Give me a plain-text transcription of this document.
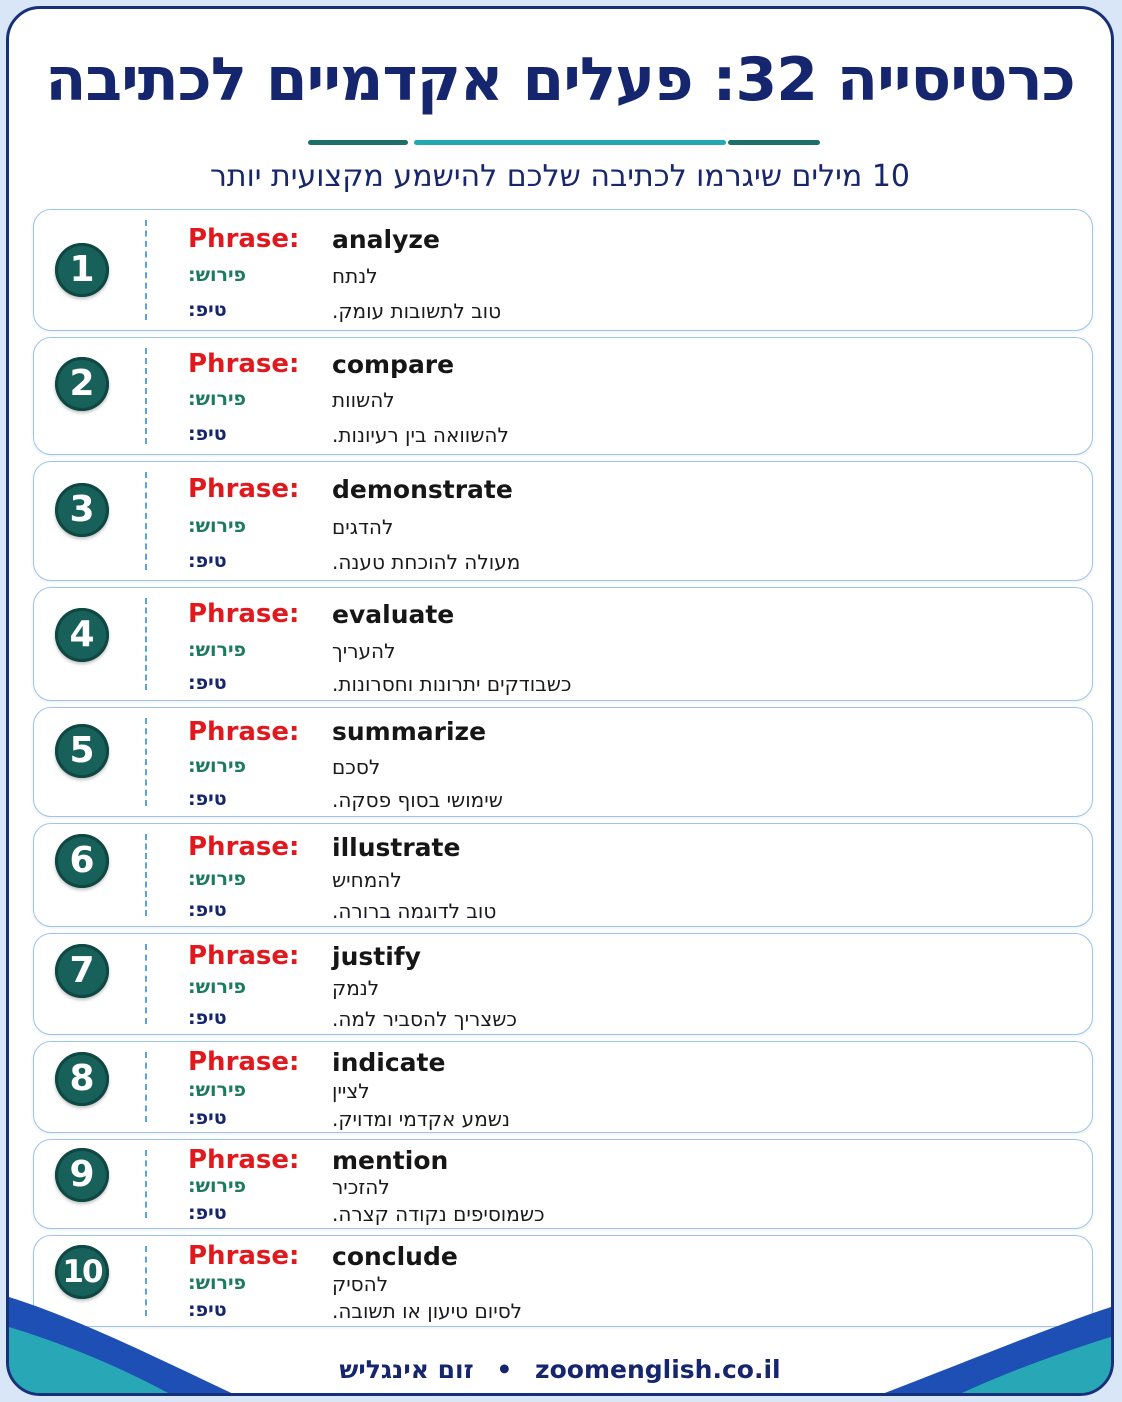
כרטיסייה 32: פעלים אקדמיים לכתיבה

10 מילים שיגרמו לכתיבה שלכם להישמע מקצועית יותר

1
Phrase: analyze
פירוש:	לנתח
טיפ:	טוב לתשובות עומק.
2	Phrase: compare
פירוש:	להשוות
טיפ:	להשוואה בין רעיונות.
3	Phrase: demonstrate
פירוש:	להדגים
טיפ:	מעולה להוכחת טענה.
4	Phrase: evaluate
פירוש:	להעריך
טיפ:	כשבודקים יתרונות וחסרונות.
5	Phrase: summarize
פירוש:	לסכם
טיפ:	שימושי בסוף פסקה.
6	Phrase: illustrate
פירוש:	להמחיש
טיפ:	טוב לדוגמה ברורה.
7	Phrase: justify
פירוש:	לנמק
טיפ:	כשצריך להסביר למה.
8	Phrase: indicate
פירוש:	לציין
טיפ:	נשמע אקדמי ומדויק.
9	Phrase: mention
פירוש:	להזכיר
טיפ:	כשמוסיפים נקודה קצרה.
10	Phrase: conclude
פירוש:	להסיק
טיפ:	לסיום טיעון או תשובה.
זום אינגליש • zoomenglish.co.il
